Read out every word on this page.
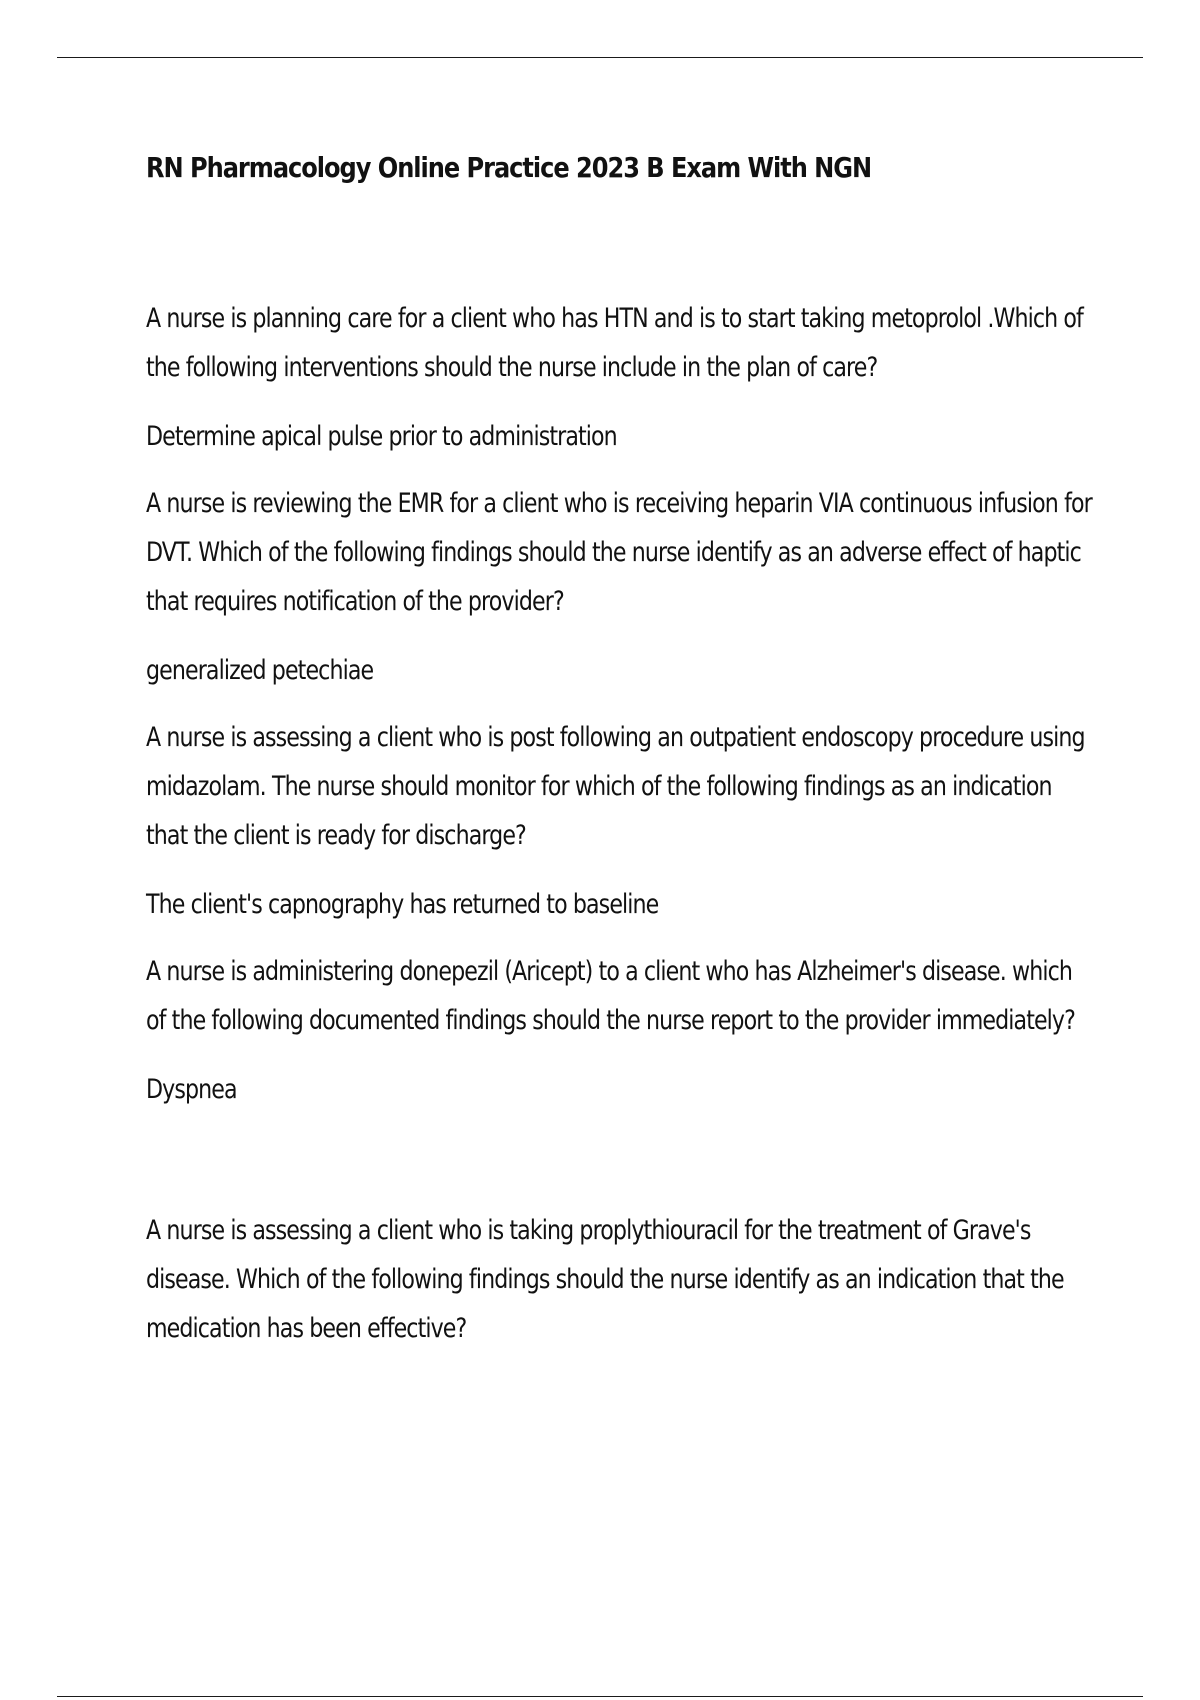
RN Pharmacology Online Practice 2023 B Exam With NGN

A nurse is planning care for a client who has HTN and is to start taking metoprolol .Which of the following interventions should the nurse include in the plan of care?

Determine apical pulse prior to administration

A nurse is reviewing the EMR for a client who is receiving heparin VIA continuous infusion for DVT. Which of the following findings should the nurse identify as an adverse effect of haptic that requires notification of the provider?

generalized petechiae

A nurse is assessing a client who is post following an outpatient endoscopy procedure using midazolam. The nurse should monitor for which of the following findings as an indication that the client is ready for discharge?

The client's capnography has returned to baseline

A nurse is administering donepezil (Aricept) to a client who has Alzheimer's disease. which of the following documented findings should the nurse report to the provider immediately?

Dyspnea

A nurse is assessing a client who is taking proplythiouracil for the treatment of Grave's disease. Which of the following findings should the nurse identify as an indication that the medication has been effective?
